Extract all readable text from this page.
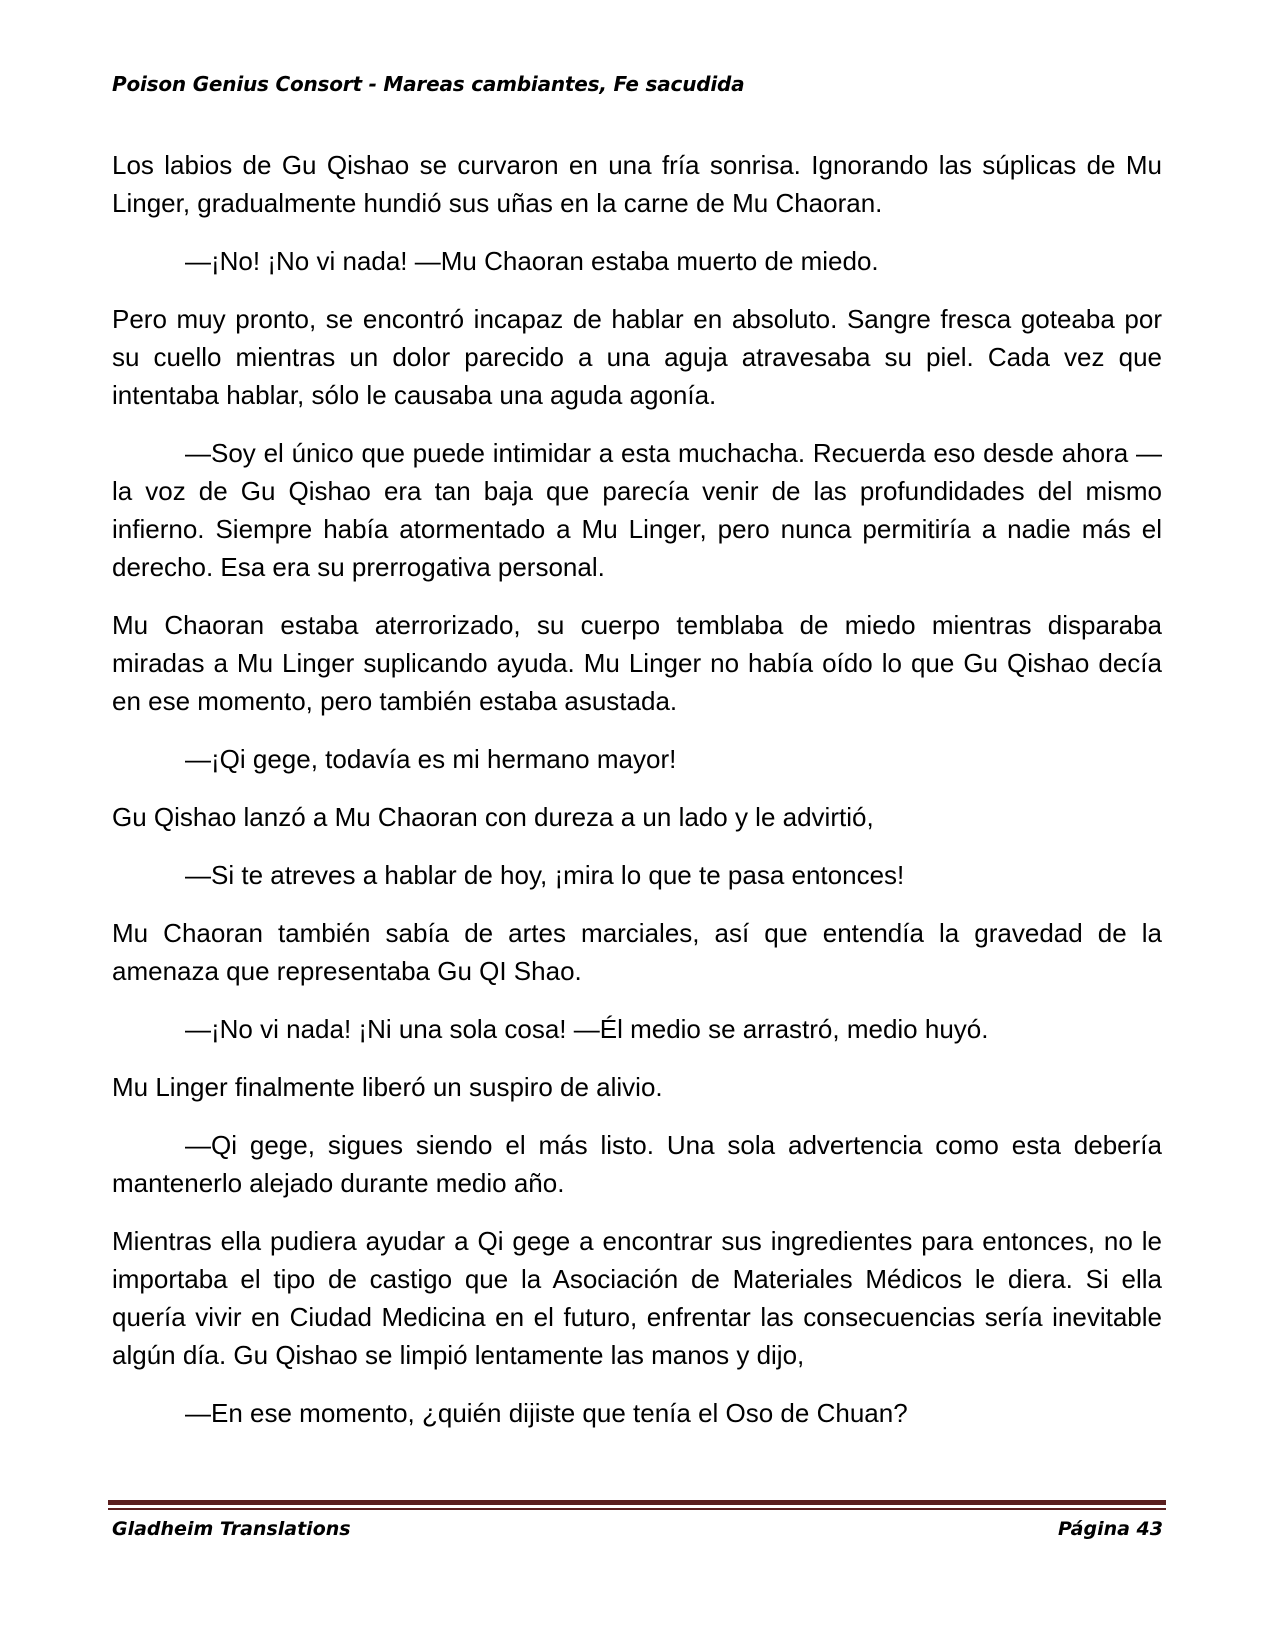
Poison Genius Consort - Mareas cambiantes, Fe sacudida

Los labios de Gu Qishao se curvaron en una fría sonrisa. Ignorando las súplicas de Mu Linger, gradualmente hundió sus uñas en la carne de Mu Chaoran.

—¡No! ¡No vi nada! —Mu Chaoran estaba muerto de miedo.

Pero muy pronto, se encontró incapaz de hablar en absoluto. Sangre fresca goteaba por su cuello mientras un dolor parecido a una aguja atravesaba su piel. Cada vez que intentaba hablar, sólo le causaba una aguda agonía.

—Soy el único que puede intimidar a esta muchacha. Recuerda eso desde ahora —la voz de Gu Qishao era tan baja que parecía venir de las profundidades del mismo infierno. Siempre había atormentado a Mu Linger, pero nunca permitiría a nadie más el derecho. Esa era su prerrogativa personal.

Mu Chaoran estaba aterrorizado, su cuerpo temblaba de miedo mientras disparaba miradas a Mu Linger suplicando ayuda. Mu Linger no había oído lo que Gu Qishao decía en ese momento, pero también estaba asustada.

—¡Qi gege, todavía es mi hermano mayor!

Gu Qishao lanzó a Mu Chaoran con dureza a un lado y le advirtió,

—Si te atreves a hablar de hoy, ¡mira lo que te pasa entonces!

Mu Chaoran también sabía de artes marciales, así que entendía la gravedad de la amenaza que representaba Gu QI Shao.

—¡No vi nada! ¡Ni una sola cosa! —Él medio se arrastró, medio huyó.

Mu Linger finalmente liberó un suspiro de alivio.

—Qi gege, sigues siendo el más listo. Una sola advertencia como esta debería mantenerlo alejado durante medio año.

Mientras ella pudiera ayudar a Qi gege a encontrar sus ingredientes para entonces, no le importaba el tipo de castigo que la Asociación de Materiales Médicos le diera. Si ella quería vivir en Ciudad Medicina en el futuro, enfrentar las consecuencias sería inevitable algún día. Gu Qishao se limpió lentamente las manos y dijo,

—En ese momento, ¿quién dijiste que tenía el Oso de Chuan?

Gladheim Translations	Página 43
